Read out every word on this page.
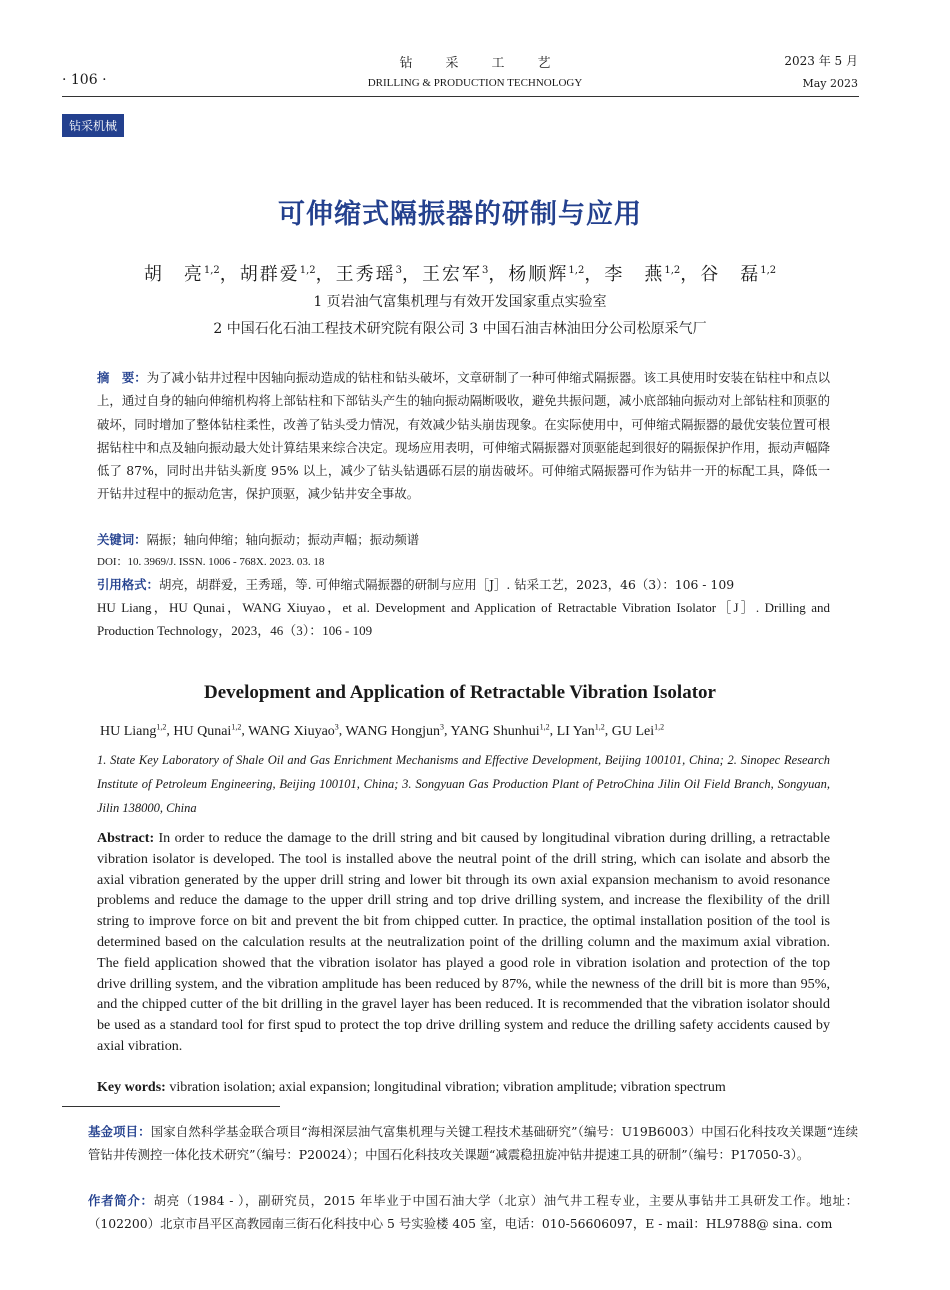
· 106 ·
钻采工艺
DRILLING & PRODUCTION TECHNOLOGY
2023 年 5 月
May 2023
钻采机械
可伸缩式隔振器的研制与应用
胡　亮$^{1,2}$，胡群爱$^{1,2}$，王秀瑶$^3$，王宏军$^3$，杨顺辉$^{1,2}$，李　燕$^{1,2}$，谷　磊$^{1,2}$
1 页岩油气富集机理与有效开发国家重点实验室
2 中国石化石油工程技术研究院有限公司 3 中国石油吉林油田分公司松原采气厂
摘　要：为了减小钻井过程中因轴向振动造成的钻柱和钻头破坏，文章研制了一种可伸缩式隔振器。该工具使用时安装在钻柱中和点以上，通过自身的轴向伸缩机构将上部钻柱和下部钻头产生的轴向振动隔断吸收，避免共振问题，减小底部轴向振动对上部钻柱和顶驱的破坏，同时增加了整体钻柱柔性，改善了钻头受力情况，有效减少钻头崩齿现象。在实际使用中，可伸缩式隔振器的最优安装位置可根据钻柱中和点及轴向振动最大处计算结果来综合决定。现场应用表明，可伸缩式隔振器对顶驱能起到很好的隔振保护作用，振动声幅降低了 87%，同时出井钻头新度 95% 以上，减少了钻头钻遇砾石层的崩齿破坏。可伸缩式隔振器可作为钻井一开的标配工具，降低一开钻井过程中的振动危害，保护顶驱，减少钻井安全事故。
关键词：隔振；轴向伸缩；轴向振动；振动声幅；振动频谱
DOI：10. 3969/J. ISSN. 1006 - 768X. 2023. 03. 18
引用格式：胡亮，胡群爱，王秀瑶，等. 可伸缩式隔振器的研制与应用［J］. 钻采工艺，2023，46（3）：106 - 109
HU Liang，HU Qunai，WANG Xiuyao，et al. Development and Application of Retractable Vibration Isolator［J］. Drilling and Production Technology，2023，46（3）：106 - 109
Development and Application of Retractable Vibration Isolator
HU Liang$^{1,2}$, HU Qunai$^{1,2}$, WANG Xiuyao$^3$, WANG Hongjun$^3$, YANG Shunhui$^{1,2}$, LI Yan$^{1,2}$, GU Lei$^{1,2}$
1. State Key Laboratory of Shale Oil and Gas Enrichment Mechanisms and Effective Development, Beijing 100101, China; 2. Sinopec Research Institute of Petroleum Engineering, Beijing 100101, China; 3. Songyuan Gas Production Plant of PetroChina Jilin Oil Field Branch, Songyuan, Jilin 138000, China
Abstract: In order to reduce the damage to the drill string and bit caused by longitudinal vibration during drilling, a retractable vibration isolator is developed. The tool is installed above the neutral point of the drill string, which can isolate and absorb the axial vibration generated by the upper drill string and lower bit through its own axial expansion mechanism to avoid resonance problems and reduce the damage to the upper drill string and top drive drilling system, and increase the flexibility of the drill string to improve force on bit and prevent the bit from chipped cutter. In practice, the optimal installation position of the tool is determined based on the calculation results at the neutralization point of the drilling column and the maximum axial vibration. The field application showed that the vibration isolator has played a good role in vibration isolation and protection of the top drive drilling system, and the vibration amplitude has been reduced by 87%, while the newness of the drill bit is more than 95%, and the chipped cutter of the bit drilling in the gravel layer has been reduced. It is recommended that the vibration isolator should be used as a standard tool for first spud to protect the top drive drilling system and reduce the drilling safety accidents caused by axial vibration.
Key words: vibration isolation; axial expansion; longitudinal vibration; vibration amplitude; vibration spectrum
基金项目：国家自然科学基金联合项目“海相深层油气富集机理与关键工程技术基础研究”（编号：U19B6003）中国石化科技攻关课题“连续管钻井传测控一体化技术研究”（编号：P20024）；中国石化科技攻关课题“减震稳扭旋冲钻井提速工具的研制”（编号：P17050-3）。
作者简介：胡亮（1984 - ），副研究员，2015 年毕业于中国石油大学（北京）油气井工程专业，主要从事钻井工具研发工作。地址：（102200）北京市昌平区高教园南三街石化科技中心 5 号实验楼 405 室，电话：010-56606097，E - mail：HL9788@ sina. com
